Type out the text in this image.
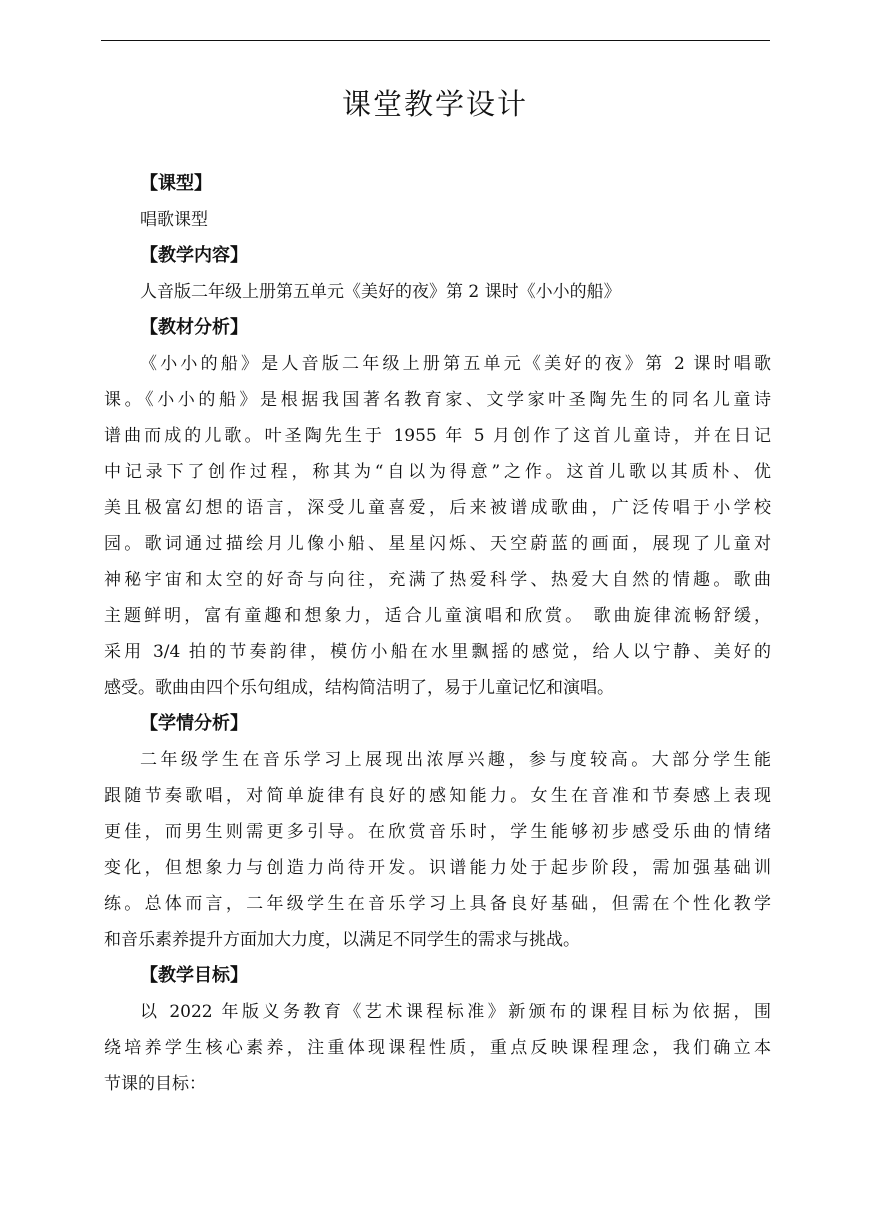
课堂教学设计
【课型】
唱歌课型
【教学内容】
人音版二年级上册第五单元《美好的夜》第 2 课时《小小的船》
【教材分析】
《小小的船》是人音版二年级上册第五单元《美好的夜》第 2 课时唱歌
课。《小小的船》是根据我国著名教育家、文学家叶圣陶先生的同名儿童诗
谱曲而成的儿歌。叶圣陶先生于 1955 年 5 月创作了这首儿童诗，并在日记
中记录下了创作过程，称其为“自以为得意”之作。这首儿歌以其质朴、优
美且极富幻想的语言，深受儿童喜爱，后来被谱成歌曲，广泛传唱于小学校
园。歌词通过描绘月儿像小船、星星闪烁、天空蔚蓝的画面，展现了儿童对
神秘宇宙和太空的好奇与向往，充满了热爱科学、热爱大自然的情趣。歌曲
主题鲜明，富有童趣和想象力，适合儿童演唱和欣赏。 歌曲旋律流畅舒缓，
采用 3/4 拍的节奏韵律，模仿小船在水里飘摇的感觉，给人以宁静、美好的
感受。歌曲由四个乐句组成，结构简洁明了，易于儿童记忆和演唱。
【学情分析】
二年级学生在音乐学习上展现出浓厚兴趣，参与度较高。大部分学生能
跟随节奏歌唱，对简单旋律有良好的感知能力。女生在音准和节奏感上表现
更佳，而男生则需更多引导。在欣赏音乐时，学生能够初步感受乐曲的情绪
变化，但想象力与创造力尚待开发。识谱能力处于起步阶段，需加强基础训
练。总体而言，二年级学生在音乐学习上具备良好基础，但需在个性化教学
和音乐素养提升方面加大力度，以满足不同学生的需求与挑战。
【教学目标】
以 2022 年版义务教育《艺术课程标准》新颁布的课程目标为依据，围
绕培养学生核心素养，注重体现课程性质，重点反映课程理念，我们确立本
节课的目标：
